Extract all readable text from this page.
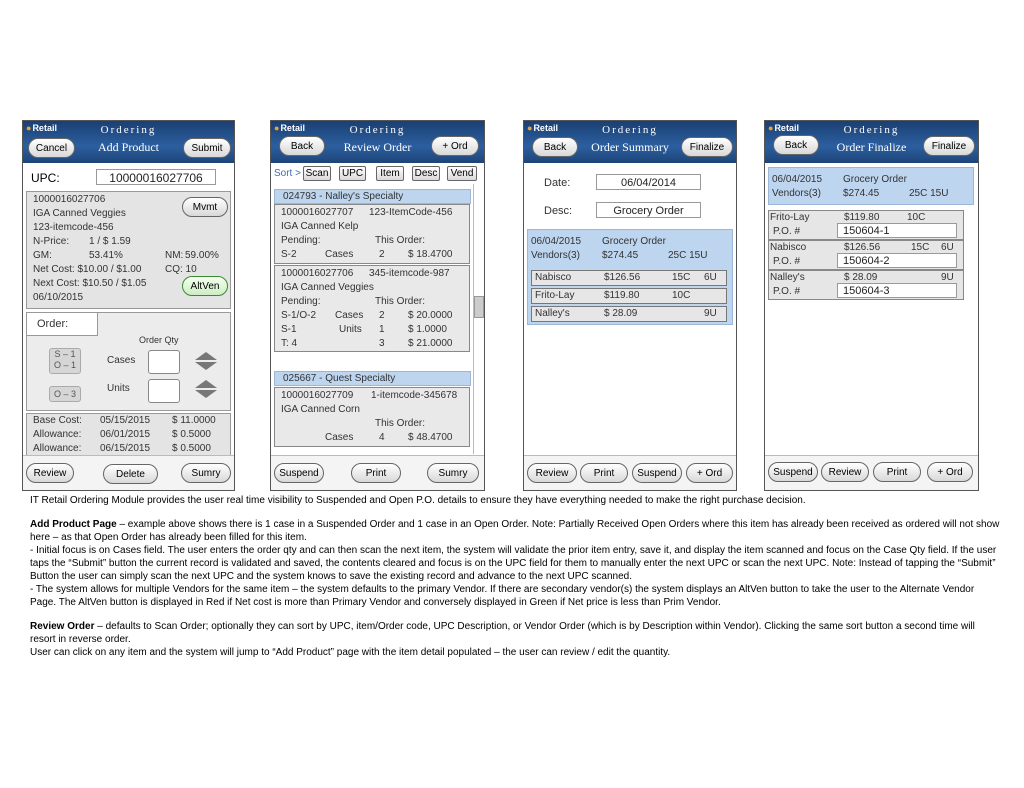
●Retail	Ordering
Add Product
Cancel	Submit
UPC:	10000016027706
1000016027706
IGA Canned Veggies
123-itemcode-456
N-Price: 1 / $ 1.59
GM:	53.41%	NM: 59.00%
Net Cost: $10.00 / $1.00 CQ: 10
Next Cost: $10.50 / $1.05
06/10/2015
Mvmt
AltVen
Order:
Order Qty
S – 1
O – 1	Cases
O – 3	Units
Base Cost: 05/15/2015 $ 11.0000
Allowance: 06/01/2015 $ 0.5000
Allowance: 06/15/2015 $ 0.5000
Review	Delete	Sumry
●Retail	Ordering
Review Order
Back	+ Ord
Sort > Scan UPC	Item	Desc	Vend
024793 - Nalley's Specialty
1000016027707 123-ItemCode-456
IGA Canned Kelp
Pending:	This Order:
S-2	Cases	2 $ 18.4700
1000016027706 345-itemcode-987
IGA Canned Veggies
Pending:	This Order:
S-1/O-2 Cases 2 $ 20.0000
S-1	Units 1 $ 1.0000
T: 4	3 $ 21.0000
025667 - Quest Specialty
1000016027709 1-itemcode-345678
IGA Canned Corn
This Order:
Cases	4 $ 48.4700
Suspend	Print	Sumry
●Retail	Ordering
Order Summary
Back	Finalize
Date:	06/04/2014
Desc:	Grocery Order
06/04/2015 Grocery Order
Vendors(3) $274.45	25C 15U
Nabisco	$126.56	15C 6U
Frito-Lay	$119.80	10C
Nalley's	$ 28.09	9U
Review	Print	Suspend	+ Ord
●Retail	Ordering
Order Finalize
Back	Finalize
06/04/2015 Grocery Order
Vendors(3) $274.45	25C 15U
Frito-Lay	$119.80	10C
P.O. #	150604-1
Nabisco	$126.56	15C 6U
P.O. #	150604-2
Nalley's	$ 28.09	9U
P.O. #	150604-3
Suspend	Review	Print	+ Ord

IT Retail Ordering Module provides the user real time visibility to Suspended and Open P.O. details to ensure they have everything needed to make the right purchase decision.

Add Product Page – example above shows there is 1 case in a Suspended Order and 1 case in an Open Order. Note: Partially Received Open Orders where this item has already been received as ordered will not show here – as that Open Order has already been filled for this item.

- Initial focus is on Cases field. The user enters the order qty and can then scan the next item, the system will validate the prior item entry, save it, and display the item scanned and focus on the Case Qty field. If the user taps the “Submit” button the current record is validated and saved, the contents cleared and focus is on the UPC field for them to manually enter the next UPC or scan the next UPC. Note: Instead of tapping the “Submit” Button the user can simply scan the next UPC and the system knows to save the existing record and advance to the next UPC scanned.

- The system allows for multiple Vendors for the same item – the system defaults to the primary Vendor. If there are secondary vendor(s) the system displays an AltVen button to take the user to the Alternate Vendor Page. The AltVen button is displayed in Red if Net cost is more than Primary Vendor and conversely displayed in Green if Net price is less than Prim Vendor.

Review Order – defaults to Scan Order; optionally they can sort by UPC, item/Order code, UPC Description, or Vendor Order (which is by Description within Vendor). Clicking the same sort button a second time will resort in reverse order.

User can click on any item and the system will jump to “Add Product” page with the item detail populated – the user can review / edit the quantity.
